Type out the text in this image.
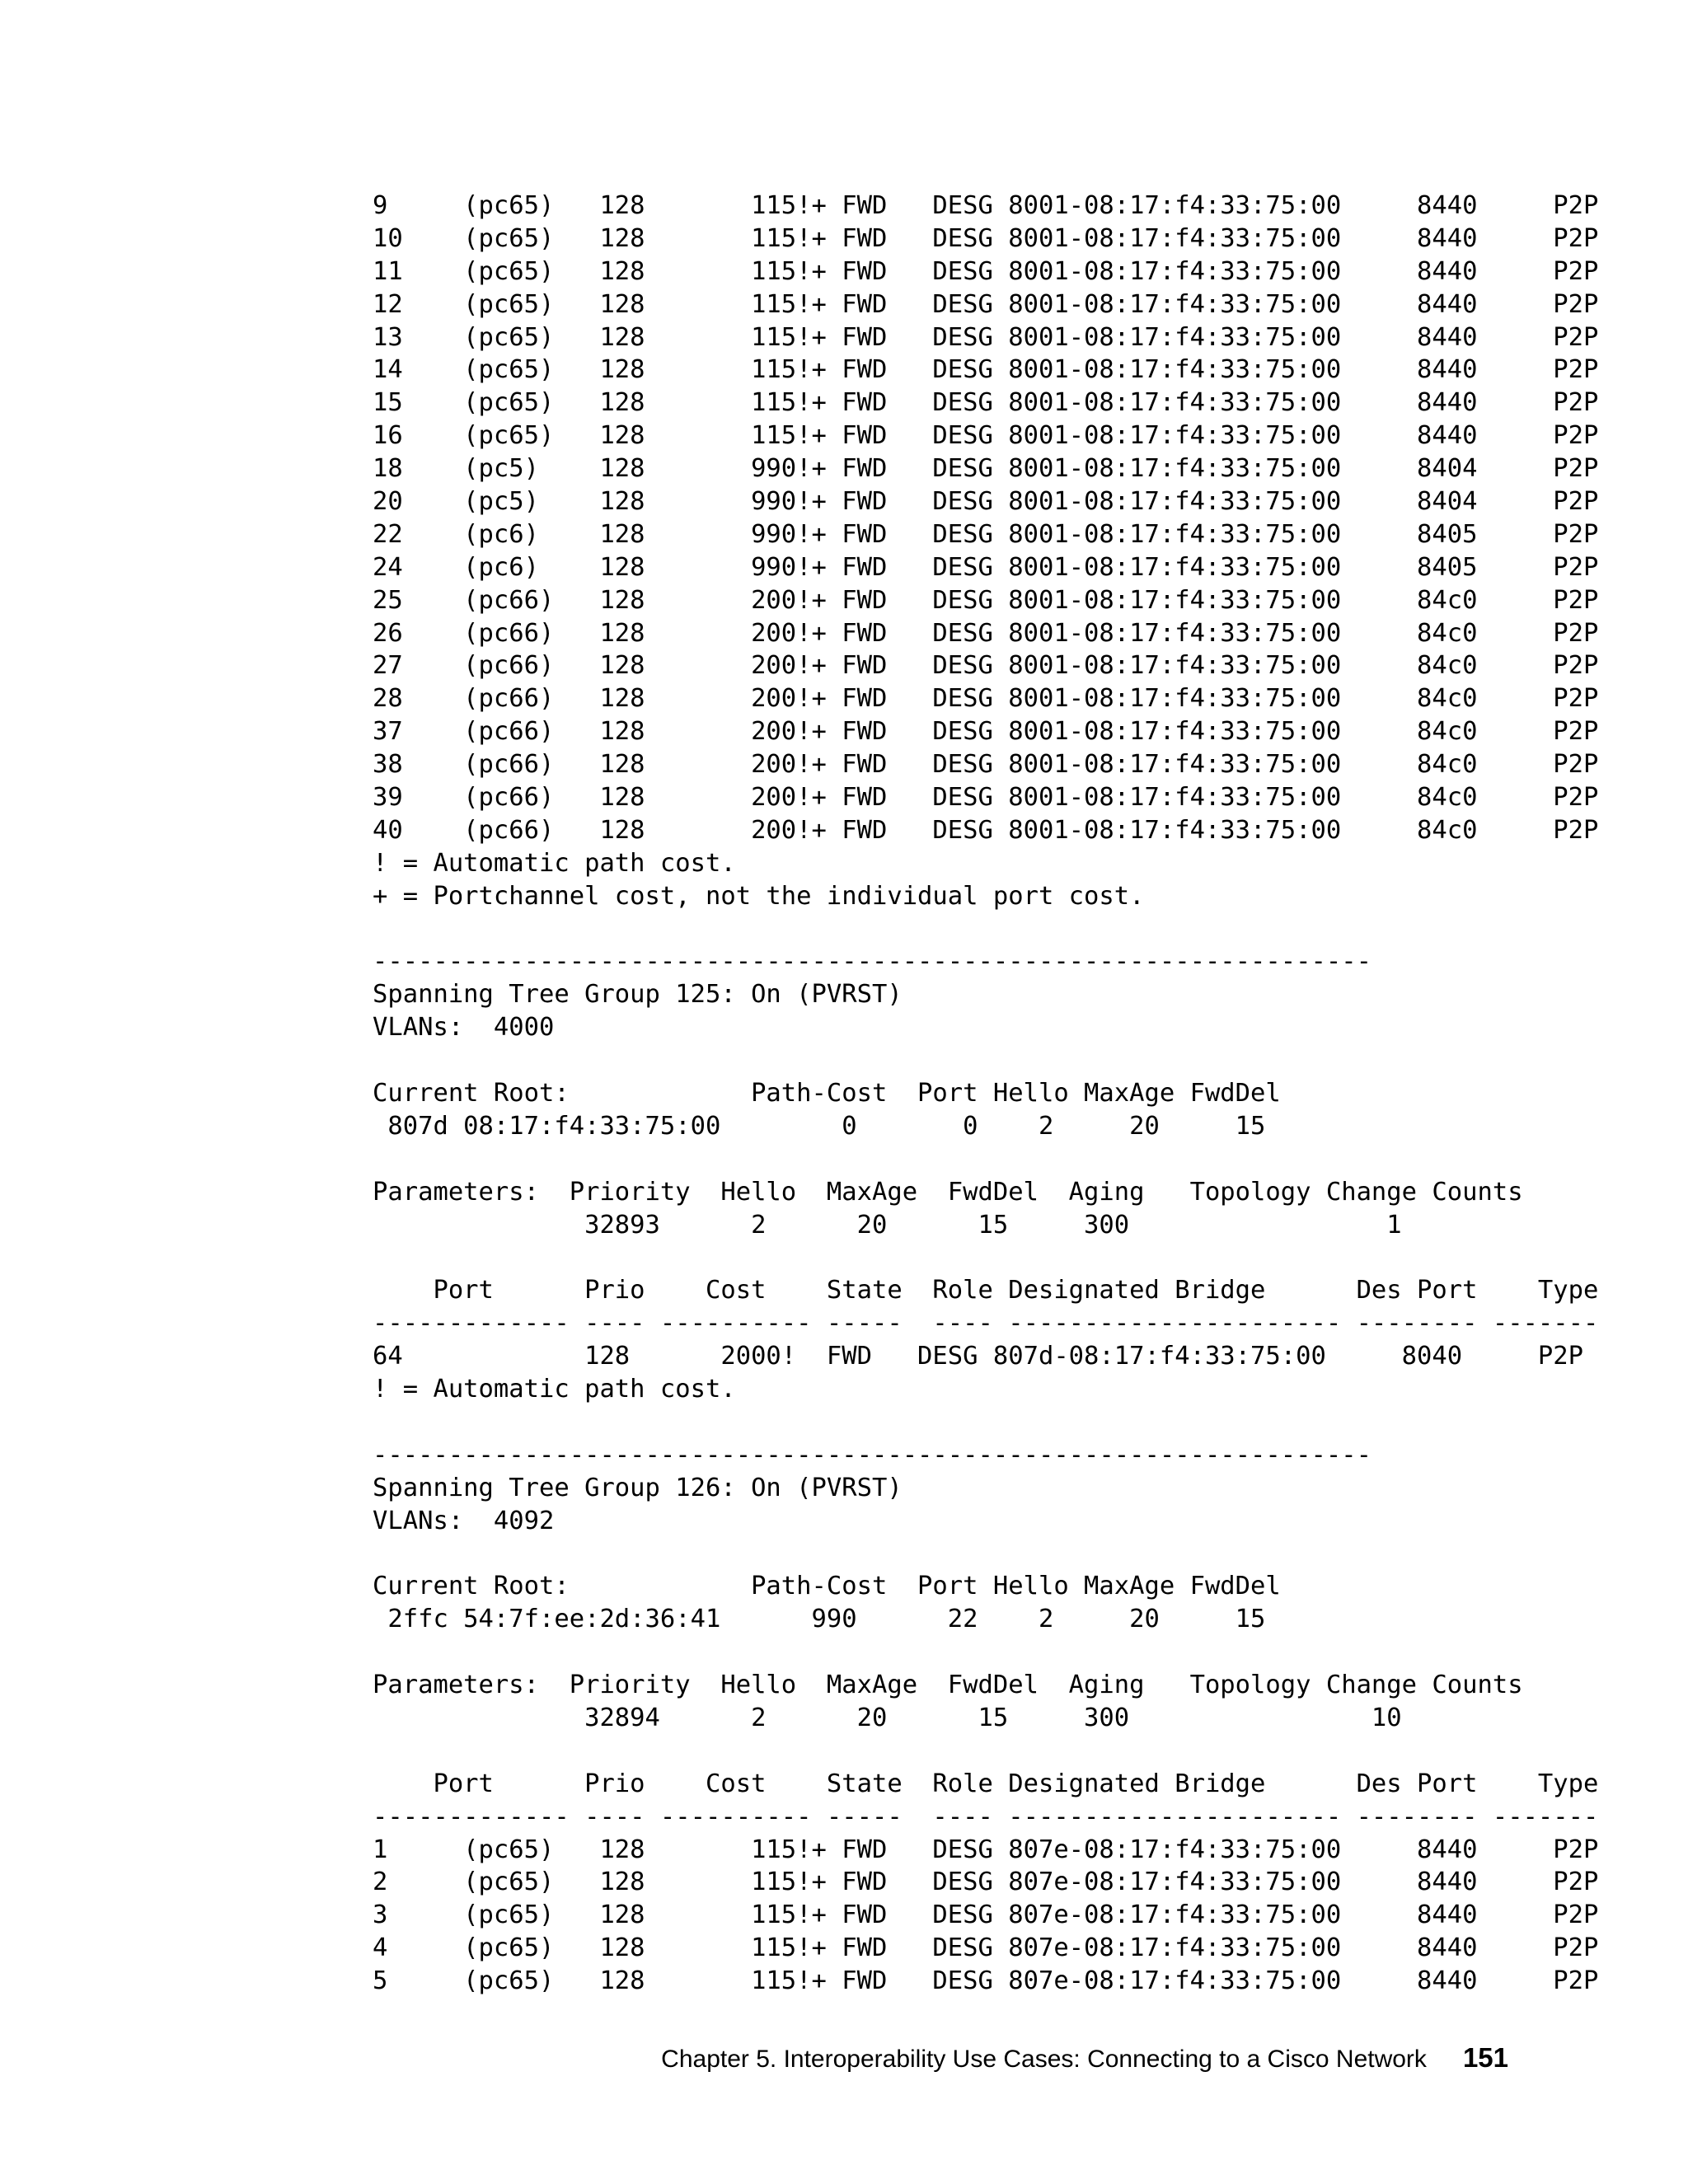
9     (pc65)   128       115!+ FWD   DESG 8001-08:17:f4:33:75:00     8440     P2P
10    (pc65)   128       115!+ FWD   DESG 8001-08:17:f4:33:75:00     8440     P2P
11    (pc65)   128       115!+ FWD   DESG 8001-08:17:f4:33:75:00     8440     P2P
12    (pc65)   128       115!+ FWD   DESG 8001-08:17:f4:33:75:00     8440     P2P
13    (pc65)   128       115!+ FWD   DESG 8001-08:17:f4:33:75:00     8440     P2P
14    (pc65)   128       115!+ FWD   DESG 8001-08:17:f4:33:75:00     8440     P2P
15    (pc65)   128       115!+ FWD   DESG 8001-08:17:f4:33:75:00     8440     P2P
16    (pc65)   128       115!+ FWD   DESG 8001-08:17:f4:33:75:00     8440     P2P
18    (pc5)    128       990!+ FWD   DESG 8001-08:17:f4:33:75:00     8404     P2P
20    (pc5)    128       990!+ FWD   DESG 8001-08:17:f4:33:75:00     8404     P2P
22    (pc6)    128       990!+ FWD   DESG 8001-08:17:f4:33:75:00     8405     P2P
24    (pc6)    128       990!+ FWD   DESG 8001-08:17:f4:33:75:00     8405     P2P
25    (pc66)   128       200!+ FWD   DESG 8001-08:17:f4:33:75:00     84c0     P2P
26    (pc66)   128       200!+ FWD   DESG 8001-08:17:f4:33:75:00     84c0     P2P
27    (pc66)   128       200!+ FWD   DESG 8001-08:17:f4:33:75:00     84c0     P2P
28    (pc66)   128       200!+ FWD   DESG 8001-08:17:f4:33:75:00     84c0     P2P
37    (pc66)   128       200!+ FWD   DESG 8001-08:17:f4:33:75:00     84c0     P2P
38    (pc66)   128       200!+ FWD   DESG 8001-08:17:f4:33:75:00     84c0     P2P
39    (pc66)   128       200!+ FWD   DESG 8001-08:17:f4:33:75:00     84c0     P2P
40    (pc66)   128       200!+ FWD   DESG 8001-08:17:f4:33:75:00     84c0     P2P
! = Automatic path cost.
+ = Portchannel cost, not the individual port cost.
------------------------------------------------------------------
Spanning Tree Group 125: On (PVRST)
VLANs:  4000
Current Root:            Path-Cost  Port Hello MaxAge FwdDel
807d 08:17:f4:33:75:00        0       0    2     20     15
Parameters:  Priority  Hello  MaxAge  FwdDel  Aging   Topology Change Counts
32893      2      20      15     300                 1
Port      Prio    Cost    State  Role Designated Bridge      Des Port    Type
------------- ---- ---------- -----  ---- ---------------------- -------- -------
64            128      2000!  FWD   DESG 807d-08:17:f4:33:75:00     8040     P2P
! = Automatic path cost.
------------------------------------------------------------------
Spanning Tree Group 126: On (PVRST)
VLANs:  4092
Current Root:            Path-Cost  Port Hello MaxAge FwdDel
2ffc 54:7f:ee:2d:36:41      990      22    2     20     15
Parameters:  Priority  Hello  MaxAge  FwdDel  Aging   Topology Change Counts
32894      2      20      15     300                10
Port      Prio    Cost    State  Role Designated Bridge      Des Port    Type
------------- ---- ---------- -----  ---- ---------------------- -------- -------
1     (pc65)   128       115!+ FWD   DESG 807e-08:17:f4:33:75:00     8440     P2P
2     (pc65)   128       115!+ FWD   DESG 807e-08:17:f4:33:75:00     8440     P2P
3     (pc65)   128       115!+ FWD   DESG 807e-08:17:f4:33:75:00     8440     P2P
4     (pc65)   128       115!+ FWD   DESG 807e-08:17:f4:33:75:00     8440     P2P
5     (pc65)   128       115!+ FWD   DESG 807e-08:17:f4:33:75:00     8440     P2P
Chapter 5. Interoperability Use Cases: Connecting to a Cisco Network 151
